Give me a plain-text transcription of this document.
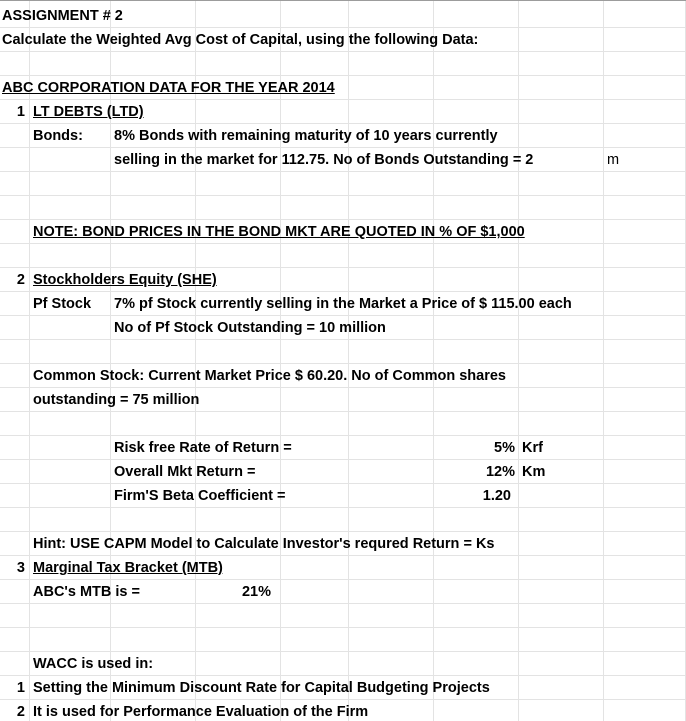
ASSIGNMENT # 2
Calculate the Weighted Avg Cost of Capital, using the following Data:
ABC CORPORATION DATA FOR THE YEAR 2014
1 LT DEBTS (LTD)
Bonds: 8% Bonds with remaining maturity of 10 years currently
selling in the market for 112.75. No of Bonds Outstanding = 2	m
NOTE: BOND PRICES IN THE BOND MKT ARE QUOTED IN % OF $1,000
2 Stockholders Equity (SHE)
Pf Stock 7% pf Stock currently selling in the Market a Price of $ 115.00 each
No of Pf Stock Outstanding = 10 million
Common Stock: Current Market Price $ 60.20. No of Common shares
outstanding = 75 million
Risk free Rate of Return =	5% Krf
Overall Mkt Return =	12% Km
Firm'S Beta Coefficient =	1.20
Hint: USE CAPM Model to Calculate Investor's requred Return = Ks
3 Marginal Tax Bracket (MTB)
ABC's MTB is =	21%
WACC is used in:
1 Setting the Minimum Discount Rate for Capital Budgeting Projects
2 It is used for Performance Evaluation of the Firm
